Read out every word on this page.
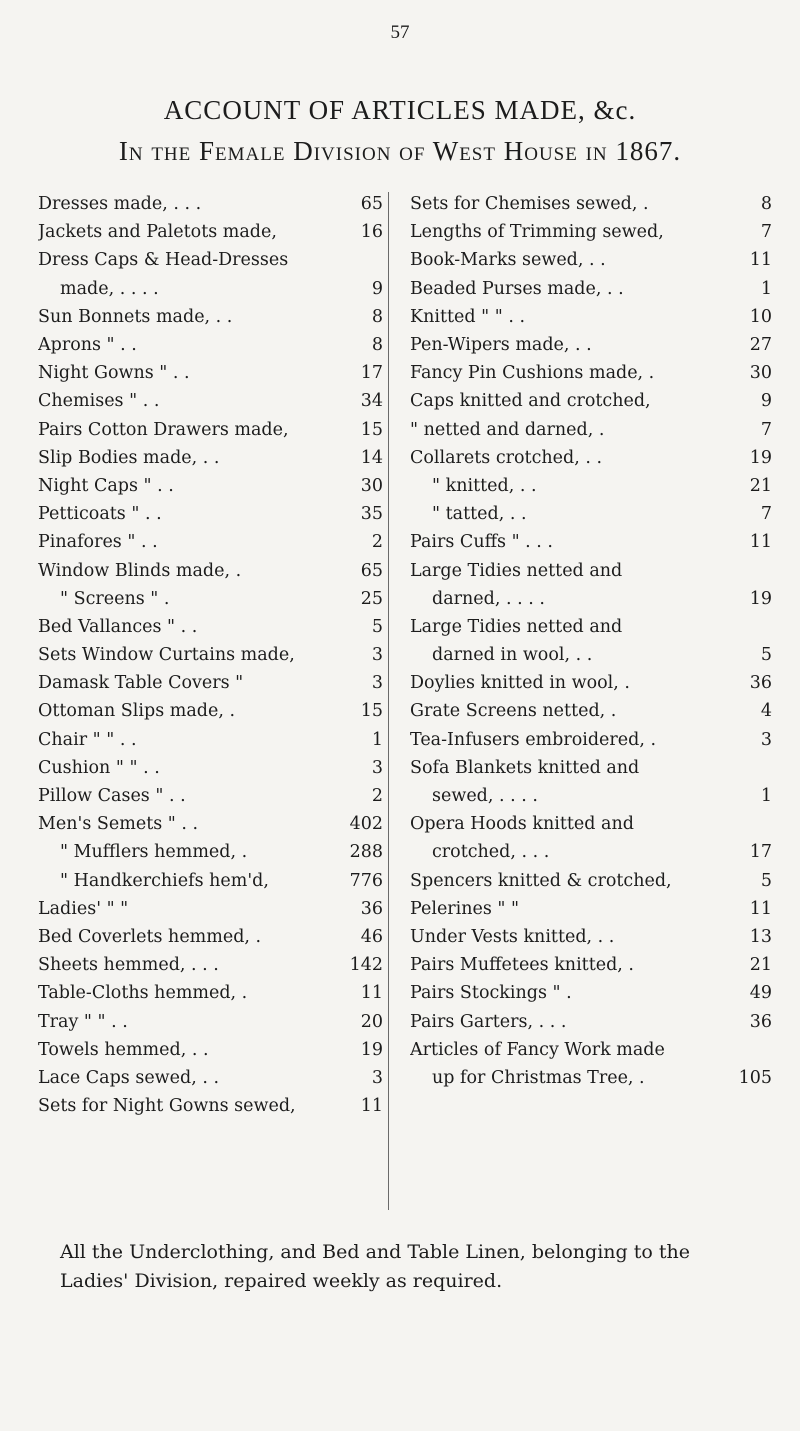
57
ACCOUNT OF ARTICLES MADE, &c.
In the Female Division of West House in 1867.
Dresses made, . . .	65
Jackets and Paletots made,	16
Dress Caps & Head-Dresses
made, . . . .	9
Sun Bonnets made, . .	8
Aprons " . .	8
Night Gowns " . .	17
Chemises " . .	34
Pairs Cotton Drawers made,	15
Slip Bodies made, . .	14
Night Caps " . .	30
Petticoats " . .	35
Pinafores " . .	2
Window Blinds made, .	65
" Screens " .	25
Bed Vallances " . .	5
Sets Window Curtains made,	3
Damask Table Covers "	3
Ottoman Slips made, .	15
Chair " " . .	1
Cushion " " . .	3
Pillow Cases " . .	2
Men's Semets " . .	402
" Mufflers hemmed, .	288
" Handkerchiefs hem'd,	776
Ladies' " "	36
Bed Coverlets hemmed, .	46
Sheets hemmed, . . .	142
Table-Cloths hemmed, .	11
Tray " " . .	20
Towels hemmed, . .	19
Lace Caps sewed, . .	3
Sets for Night Gowns sewed,	11
Sets for Chemises sewed, .	8
Lengths of Trimming sewed,	7
Book-Marks sewed, . .	11
Beaded Purses made, . .	1
Knitted " " . .	10
Pen-Wipers made, . .	27
Fancy Pin Cushions made, .	30
Caps knitted and crotched,	9
" netted and darned, .	7
Collarets crotched, . .	19
" knitted, . .	21
" tatted, . .	7
Pairs Cuffs " . . .	11
Large Tidies netted and
darned, . . . .	19
Large Tidies netted and
darned in wool, . .	5
Doylies knitted in wool, .	36
Grate Screens netted, .	4
Tea-Infusers embroidered, .	3
Sofa Blankets knitted and
sewed, . . . .	1
Opera Hoods knitted and
crotched, . . .	17
Spencers knitted & crotched,	5
Pelerines " "	11
Under Vests knitted, . .	13
Pairs Muffetees knitted, .	21
Pairs Stockings " .	49
Pairs Garters, . . .	36
Articles of Fancy Work made
up for Christmas Tree, .	105
All the Underclothing, and Bed and Table Linen, belonging to the
Ladies' Division, repaired weekly as required.
